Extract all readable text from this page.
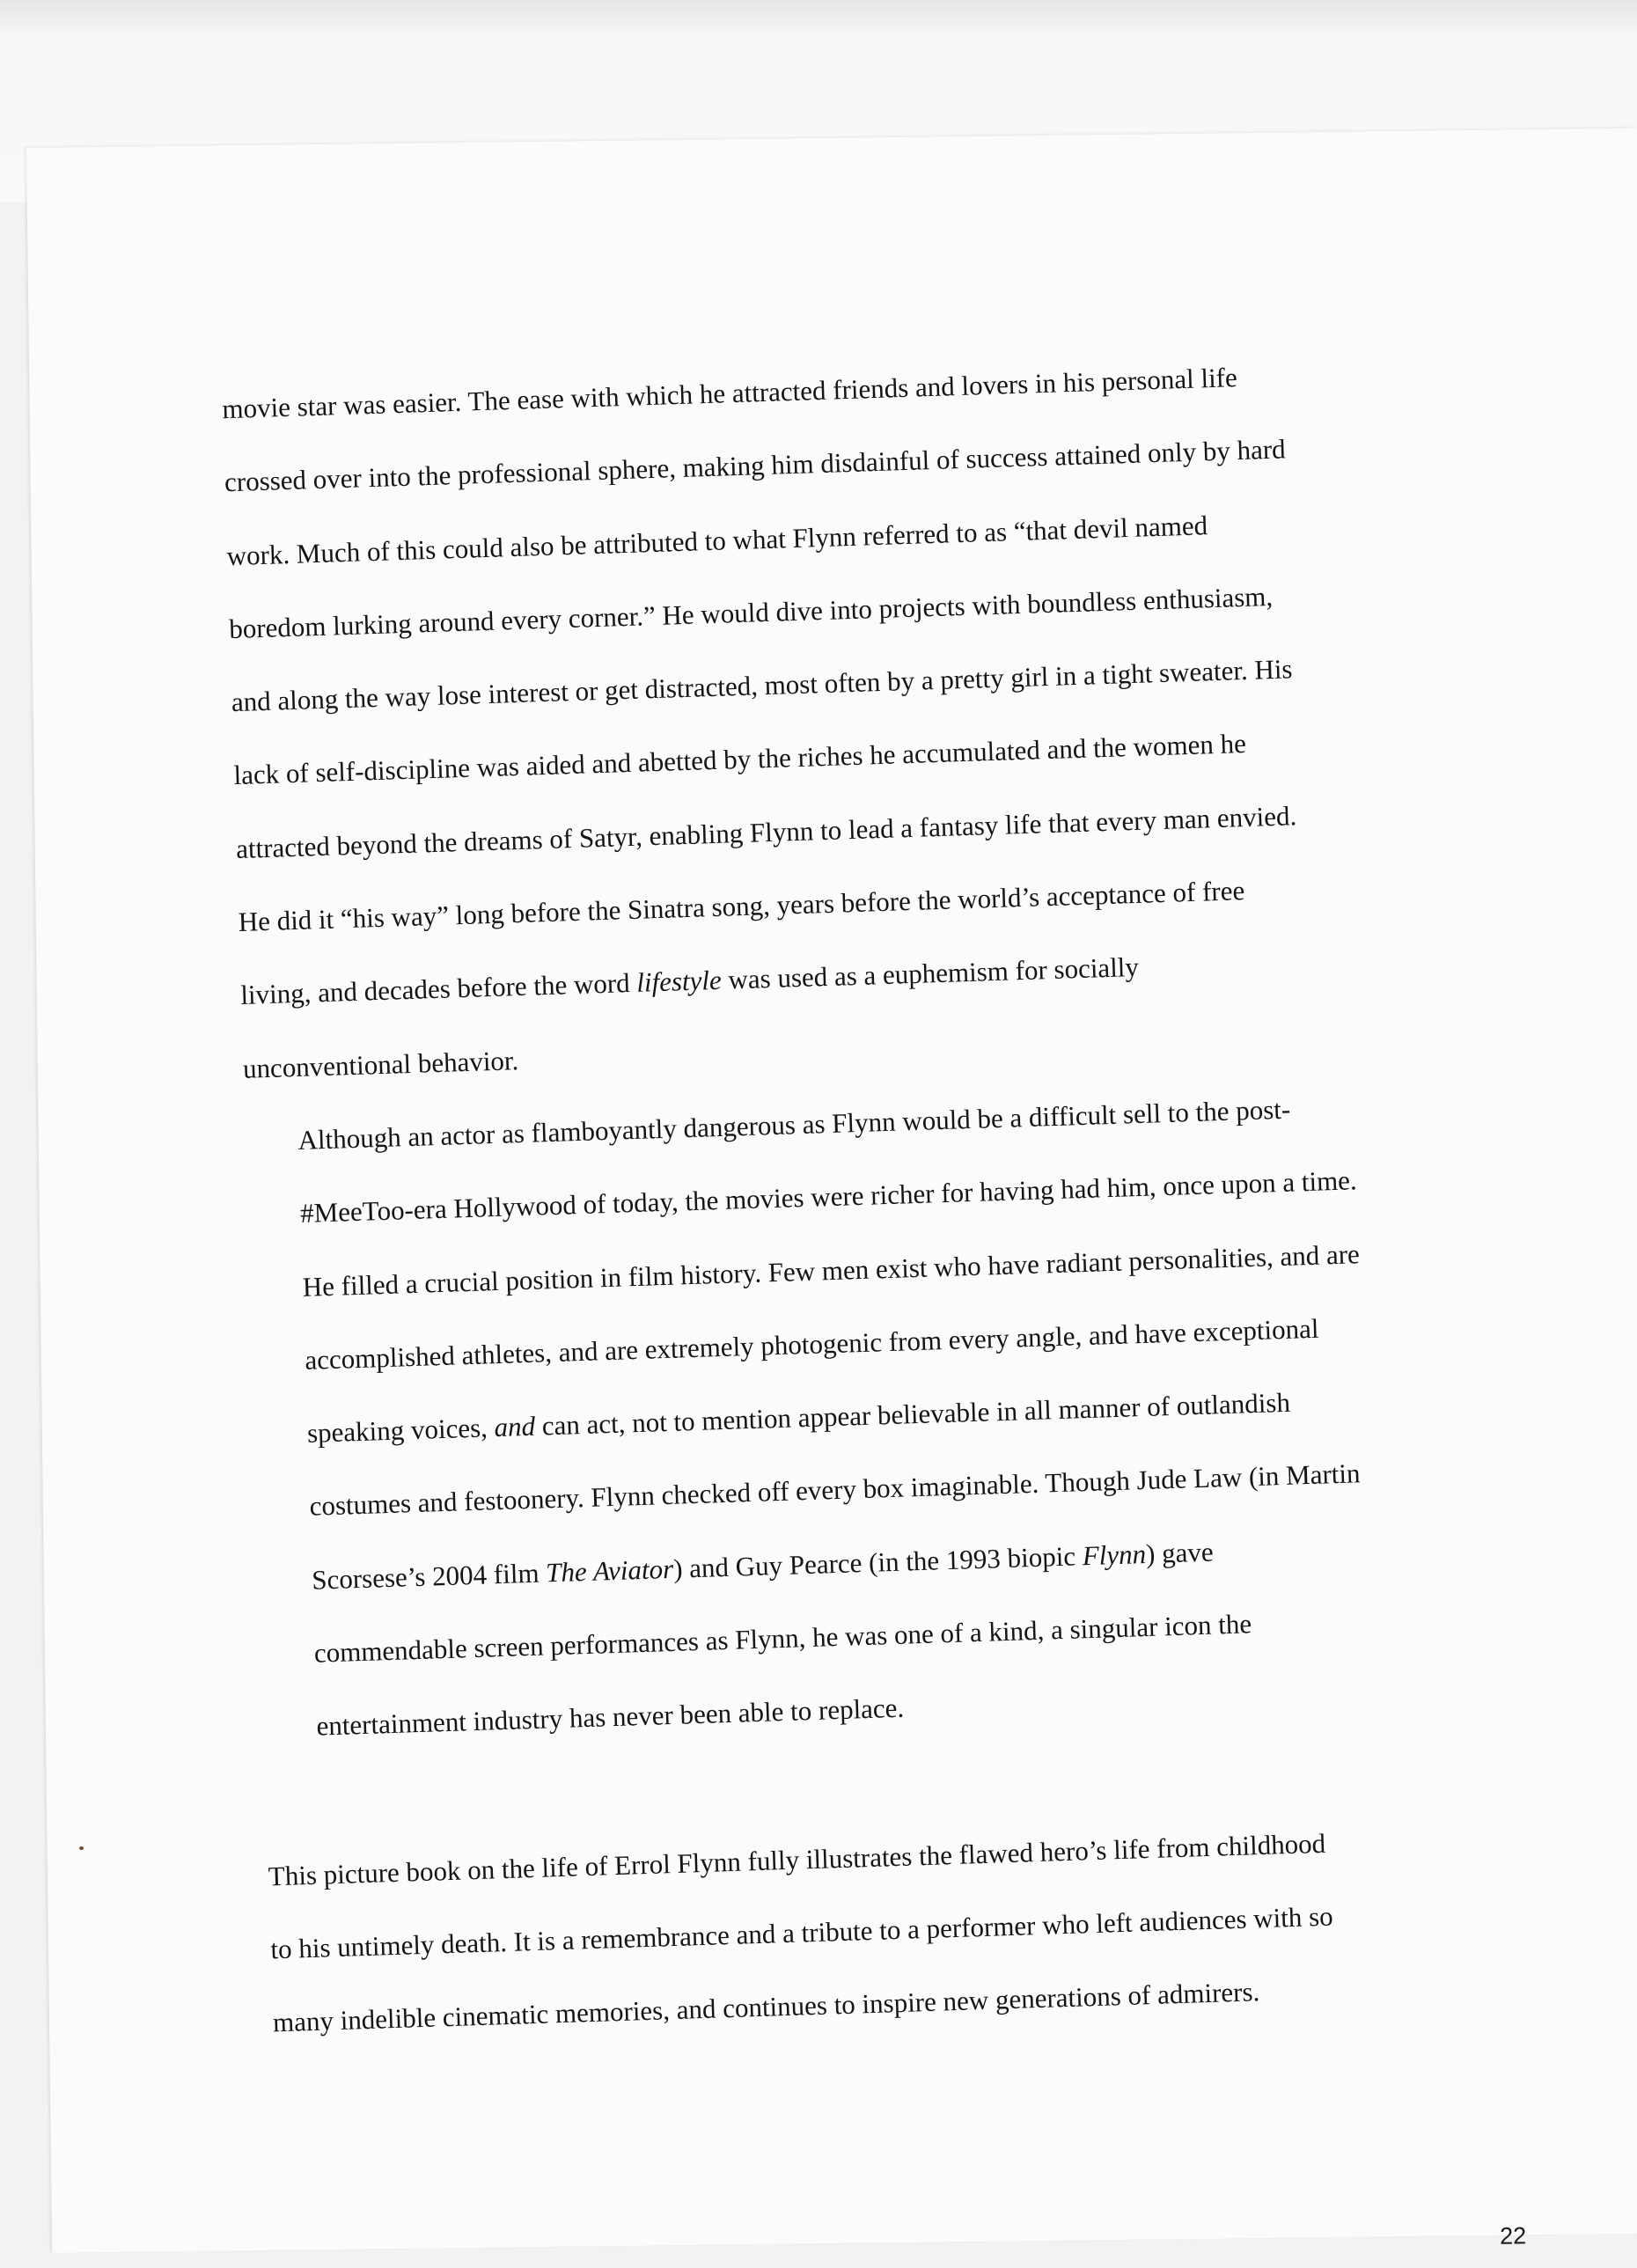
movie star was easier. The ease with which he attracted friends and lovers in his personal life
crossed over into the professional sphere, making him disdainful of success attained only by hard
work. Much of this could also be attributed to what Flynn referred to as “that devil named
boredom lurking around every corner.” He would dive into projects with boundless enthusiasm,
and along the way lose interest or get distracted, most often by a pretty girl in a tight sweater. His
lack of self-discipline was aided and abetted by the riches he accumulated and the women he
attracted beyond the dreams of Satyr, enabling Flynn to lead a fantasy life that every man envied.
He did it “his way” long before the Sinatra song, years before the world’s acceptance of free
living, and decades before the word lifestyle was used as a euphemism for socially
unconventional behavior.

Although an actor as flamboyantly dangerous as Flynn would be a difficult sell to the post-
#MeeToo-era Hollywood of today, the movies were richer for having had him, once upon a time.
He filled a crucial position in film history. Few men exist who have radiant personalities, and are
accomplished athletes, and are extremely photogenic from every angle, and have exceptional
speaking voices, and can act, not to mention appear believable in all manner of outlandish
costumes and festoonery. Flynn checked off every box imaginable. Though Jude Law (in Martin
Scorsese’s 2004 film The Aviator) and Guy Pearce (in the 1993 biopic Flynn) gave
commendable screen performances as Flynn, he was one of a kind, a singular icon the
entertainment industry has never been able to replace.

This picture book on the life of Errol Flynn fully illustrates the flawed hero’s life from childhood
to his untimely death. It is a remembrance and a tribute to a performer who left audiences with so
many indelible cinematic memories, and continues to inspire new generations of admirers.

22
